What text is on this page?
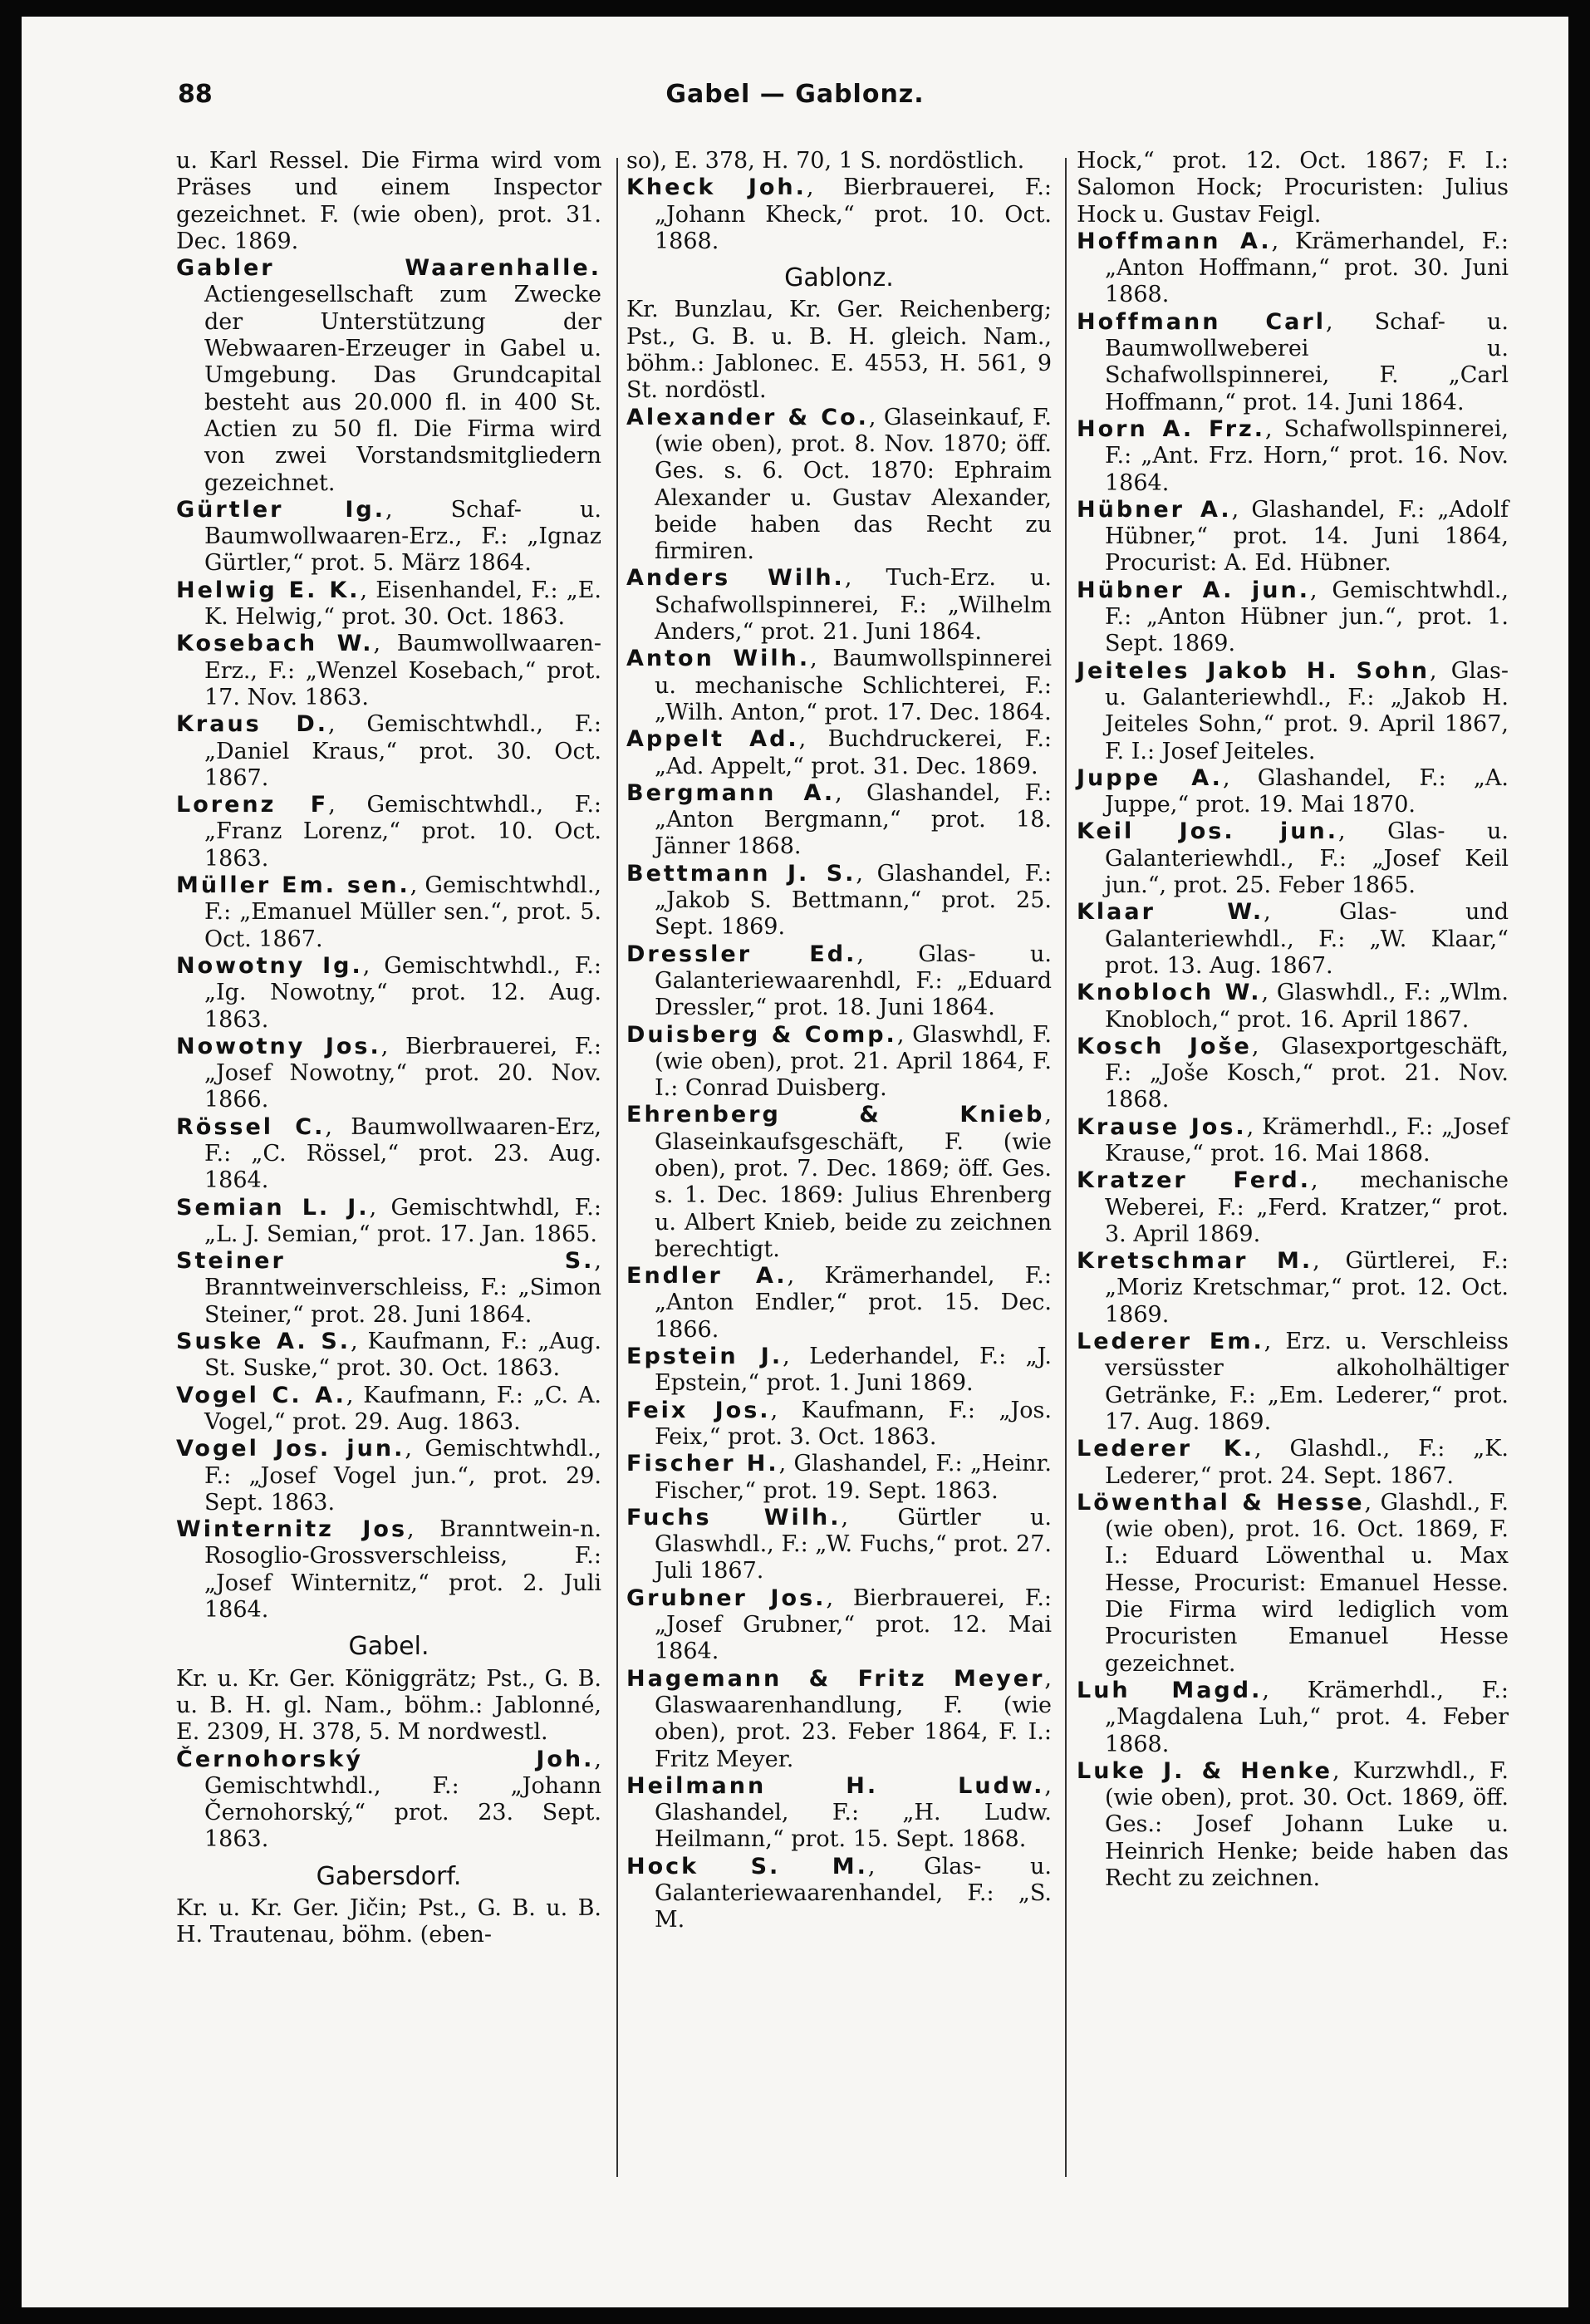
88	Gabel — Gablonz.

u. Karl Ressel. Die Firma wird vom Präses und einem Inspector gezeichnet. F. (wie oben), prot. 31. Dec. 1869.

Gabler Waarenhalle. Actiengesellschaft zum Zwecke der Unterstützung der Webwaaren-Erzeuger in Gabel u. Umgebung. Das Grundcapital besteht aus 20.000 fl. in 400 St. Actien zu 50 fl. Die Firma wird von zwei Vorstandsmitgliedern gezeichnet.

Gürtler Ig., Schaf- u. Baumwollwaaren-Erz., F.: „Ignaz Gürtler,“ prot. 5. März 1864.

Helwig E. K., Eisenhandel, F.: „E. K. Helwig,“ prot. 30. Oct. 1863.

Kosebach W., Baumwollwaaren-Erz., F.: „Wenzel Kosebach,“ prot. 17. Nov. 1863.

Kraus D., Gemischtwhdl., F.: „Daniel Kraus,“ prot. 30. Oct. 1867.

Lorenz F, Gemischtwhdl., F.: „Franz Lorenz,“ prot. 10. Oct. 1863.

Müller Em. sen., Gemischtwhdl., F.: „Emanuel Müller sen.“, prot. 5. Oct. 1867.

Nowotny Ig., Gemischtwhdl., F.: „Ig. Nowotny,“ prot. 12. Aug. 1863.

Nowotny Jos., Bierbrauerei, F.: „Josef Nowotny,“ prot. 20. Nov. 1866.

Rössel C., Baumwollwaaren-Erz, F.: „C. Rössel,“ prot. 23. Aug. 1864.

Semian L. J., Gemischtwhdl, F.: „L. J. Semian,“ prot. 17. Jan. 1865.

Steiner S., Branntweinverschleiss, F.: „Simon Steiner,“ prot. 28. Juni 1864.

Suske A. S., Kaufmann, F.: „Aug. St. Suske,“ prot. 30. Oct. 1863.

Vogel C. A., Kaufmann, F.: „C. A. Vogel,“ prot. 29. Aug. 1863.

Vogel Jos. jun., Gemischtwhdl., F.: „Josef Vogel jun.“, prot. 29. Sept. 1863.

Winternitz Jos, Branntwein-n. Rosoglio-Grossverschleiss, F.: „Josef Winternitz,“ prot. 2. Juli 1864.

Gabel.

Kr. u. Kr. Ger. Königgrätz; Pst., G. B. u. B. H. gl. Nam., böhm.: Jablonné, E. 2309, H. 378, 5. M nordwestl.

Černohorský Joh., Gemischtwhdl., F.: „Johann Černohorský,“ prot. 23. Sept. 1863.

Gabersdorf.

Kr. u. Kr. Ger. Jičin; Pst., G. B. u. B. H. Trautenau, böhm. (eben-

so), E. 378, H. 70, 1 S. nordöstlich.

Kheck Joh., Bierbrauerei, F.: „Johann Kheck,“ prot. 10. Oct. 1868.

Gablonz.

Kr. Bunzlau, Kr. Ger. Reichenberg; Pst., G. B. u. B. H. gleich. Nam., böhm.: Jablonec. E. 4553, H. 561, 9 St. nordöstl.

Alexander & Co., Glaseinkauf, F. (wie oben), prot. 8. Nov. 1870; öff. Ges. s. 6. Oct. 1870: Ephraim Alexander u. Gustav Alexander, beide haben das Recht zu firmiren.

Anders Wilh., Tuch-Erz. u. Schafwollspinnerei, F.: „Wilhelm Anders,“ prot. 21. Juni 1864.

Anton Wilh., Baumwollspinnerei u. mechanische Schlichterei, F.: „Wilh. Anton,“ prot. 17. Dec. 1864.

Appelt Ad., Buchdruckerei, F.: „Ad. Appelt,“ prot. 31. Dec. 1869.

Bergmann A., Glashandel, F.: „Anton Bergmann,“ prot. 18. Jänner 1868.

Bettmann J. S., Glashandel, F.: „Jakob S. Bettmann,“ prot. 25. Sept. 1869.

Dressler Ed., Glas- u. Galanteriewaarenhdl, F.: „Eduard Dressler,“ prot. 18. Juni 1864.

Duisberg & Comp., Glaswhdl, F. (wie oben), prot. 21. April 1864, F. I.: Conrad Duisberg.

Ehrenberg & Knieb, Glaseinkaufsgeschäft, F. (wie oben), prot. 7. Dec. 1869; öff. Ges. s. 1. Dec. 1869: Julius Ehrenberg u. Albert Knieb, beide zu zeichnen berechtigt.

Endler A., Krämerhandel, F.: „Anton Endler,“ prot. 15. Dec. 1866.

Epstein J., Lederhandel, F.: „J. Epstein,“ prot. 1. Juni 1869.

Feix Jos., Kaufmann, F.: „Jos. Feix,“ prot. 3. Oct. 1863.

Fischer H., Glashandel, F.: „Heinr. Fischer,“ prot. 19. Sept. 1863.

Fuchs Wilh., Gürtler u. Glaswhdl., F.: „W. Fuchs,“ prot. 27. Juli 1867.

Grubner Jos., Bierbrauerei, F.: „Josef Grubner,“ prot. 12. Mai 1864.

Hagemann & Fritz Meyer, Glaswaarenhandlung, F. (wie oben), prot. 23. Feber 1864, F. I.: Fritz Meyer.

Heilmann H. Ludw., Glashandel, F.: „H. Ludw. Heilmann,“ prot. 15. Sept. 1868.

Hock S. M., Glas- u. Galanteriewaarenhandel, F.: „S. M.

Hock,“ prot. 12. Oct. 1867; F. I.: Salomon Hock; Procuristen: Julius Hock u. Gustav Feigl.

Hoffmann A., Krämerhandel, F.: „Anton Hoffmann,“ prot. 30. Juni 1868.

Hoffmann Carl, Schaf- u. Baumwollweberei u. Schafwollspinnerei, F. „Carl Hoffmann,“ prot. 14. Juni 1864.

Horn A. Frz., Schafwollspinnerei, F.: „Ant. Frz. Horn,“ prot. 16. Nov. 1864.

Hübner A., Glashandel, F.: „Adolf Hübner,“ prot. 14. Juni 1864, Procurist: A. Ed. Hübner.

Hübner A. jun., Gemischtwhdl., F.: „Anton Hübner jun.“, prot. 1. Sept. 1869.

Jeiteles Jakob H. Sohn, Glas- u. Galanteriewhdl., F.: „Jakob H. Jeiteles Sohn,“ prot. 9. April 1867, F. I.: Josef Jeiteles.

Juppe A., Glashandel, F.: „A. Juppe,“ prot. 19. Mai 1870.

Keil Jos. jun., Glas- u. Galanteriewhdl., F.: „Josef Keil jun.“, prot. 25. Feber 1865.

Klaar W., Glas- und Galanteriewhdl., F.: „W. Klaar,“ prot. 13. Aug. 1867.

Knobloch W., Glaswhdl., F.: „Wlm. Knobloch,“ prot. 16. April 1867.

Kosch Joše, Glasexportgeschäft, F.: „Joše Kosch,“ prot. 21. Nov. 1868.

Krause Jos., Krämerhdl., F.: „Josef Krause,“ prot. 16. Mai 1868.

Kratzer Ferd., mechanische Weberei, F.: „Ferd. Kratzer,“ prot. 3. April 1869.

Kretschmar M., Gürtlerei, F.: „Moriz Kretschmar,“ prot. 12. Oct. 1869.

Lederer Em., Erz. u. Verschleiss versüsster alkoholhältiger Getränke, F.: „Em. Lederer,“ prot. 17. Aug. 1869.

Lederer K., Glashdl., F.: „K. Lederer,“ prot. 24. Sept. 1867.

Löwenthal & Hesse, Glashdl., F. (wie oben), prot. 16. Oct. 1869, F. I.: Eduard Löwenthal u. Max Hesse, Procurist: Emanuel Hesse. Die Firma wird lediglich vom Procuristen Emanuel Hesse gezeichnet.

Luh Magd., Krämerhdl., F.: „Magdalena Luh,“ prot. 4. Feber 1868.

Luke J. & Henke, Kurzwhdl., F. (wie oben), prot. 30. Oct. 1869, öff. Ges.: Josef Johann Luke u. Heinrich Henke; beide haben das Recht zu zeichnen.
